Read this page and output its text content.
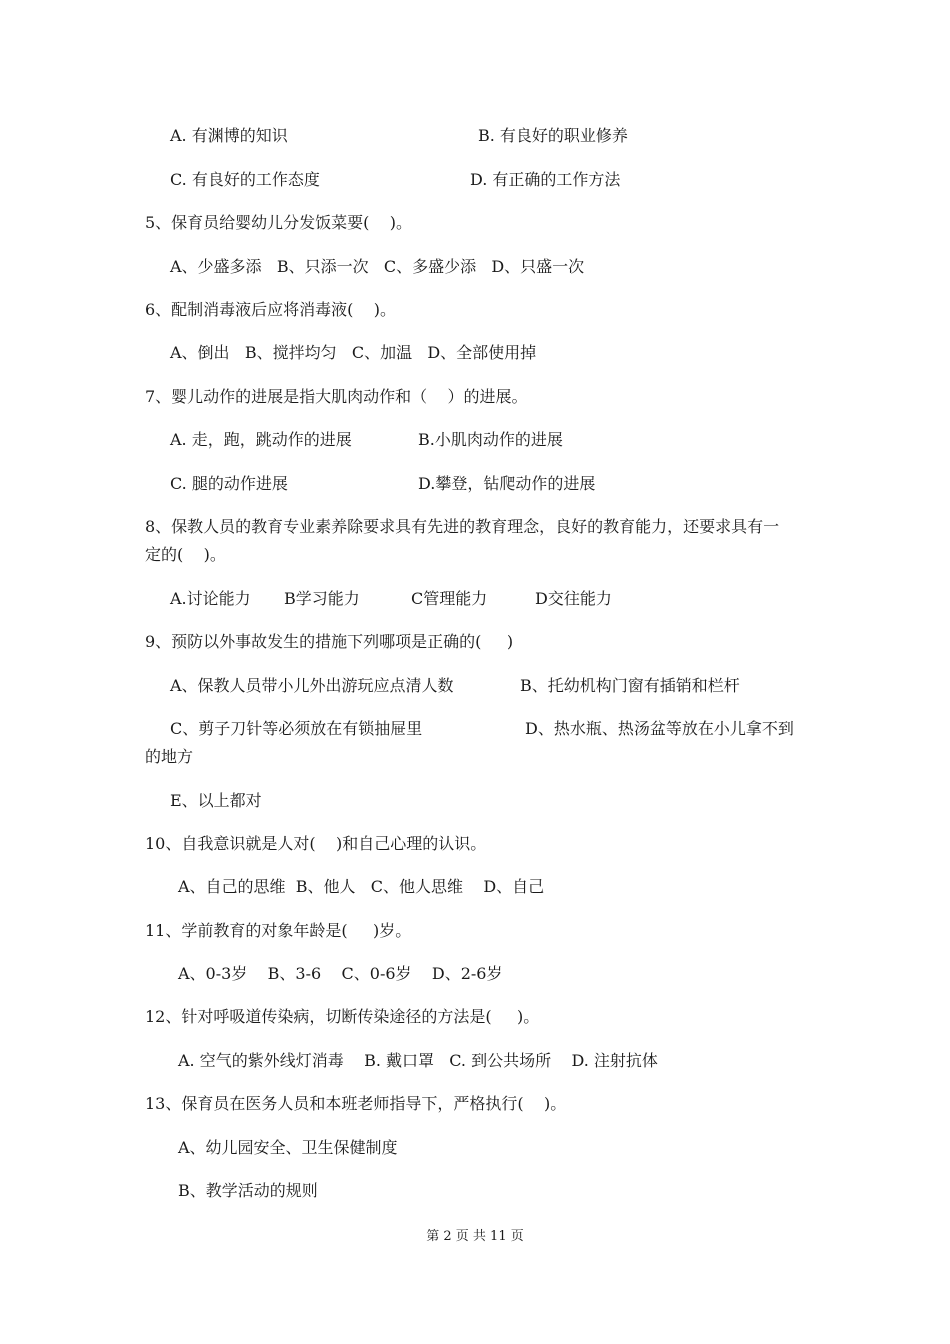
A. 有渊博的知识	B. 有良好的职业修养
C. 有良好的工作态度	D. 有正确的工作方法
5、保育员给婴幼儿分发饭菜要(    )。
A、少盛多添   B、只添一次   C、多盛少添   D、只盛一次
6、配制消毒液后应将消毒液(    )。
A、倒出   B、搅拌均匀   C、加温   D、全部使用掉
7、婴儿动作的进展是指大肌肉动作和（    ）的进展。
A. 走，跑，跳动作的进展	B.小肌肉动作的进展
C. 腿的动作进展	D.攀登，钻爬动作的进展
8、保教人员的教育专业素养除要求具有先进的教育理念，良好的教育能力，还要求具有一
定的(    )。
A.讨论能力 B学习能力	C管理能力	D交往能力
9、预防以外事故发生的措施下列哪项是正确的(     )
A、保教人员带小儿外出游玩应点清人数	B、托幼机构门窗有插销和栏杆
C、剪子刀针等必须放在有锁抽屉里	D、热水瓶、热汤盆等放在小儿拿不到
的地方
E、以上都对
10、自我意识就是人对(    )和自己心理的认识。
A、自己的思维  B、他人   C、他人思维    D、自己
11、学前教育的对象年龄是(     )岁。
A、0-3岁    B、3-6    C、0-6岁    D、2-6岁
12、针对呼吸道传染病，切断传染途径的方法是(     )。
A. 空气的紫外线灯消毒    B. 戴口罩   C. 到公共场所    D. 注射抗体
13、保育员在医务人员和本班老师指导下，严格执行(    )。
A、幼儿园安全、卫生保健制度
B、教学活动的规则
第 2 页 共 11 页
